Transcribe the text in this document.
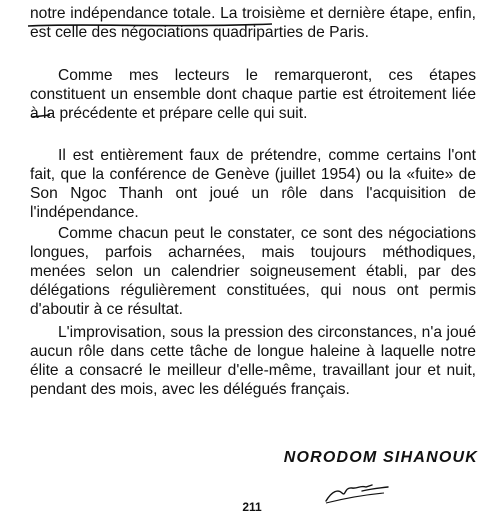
notre indépendance totale. La troisième et dernière étape, enfin, est celle des négociations quadriparties de Paris.

Comme mes lecteurs le remarqueront, ces étapes constituent un ensemble dont chaque partie est étroitement liée à la précédente et prépare celle qui suit.

Il est entièrement faux de prétendre, comme certains l'ont fait, que la conférence de Genève (juillet 1954) ou la «fuite» de Son Ngoc Thanh ont joué un rôle dans l'acquisition de l'indépendance.

Comme chacun peut le constater, ce sont des négociations longues, parfois acharnées, mais toujours méthodiques, menées selon un calendrier soigneusement établi, par des délégations régulièrement constituées, qui nous ont permis d'aboutir à ce résultat.

L'improvisation, sous la pression des circonstances, n'a joué aucun rôle dans cette tâche de longue haleine à laquelle notre élite a consacré le meilleur d'elle-même, travaillant jour et nuit, pendant des mois, avec les délégués français.

NORODOM SIHANOUK
211
